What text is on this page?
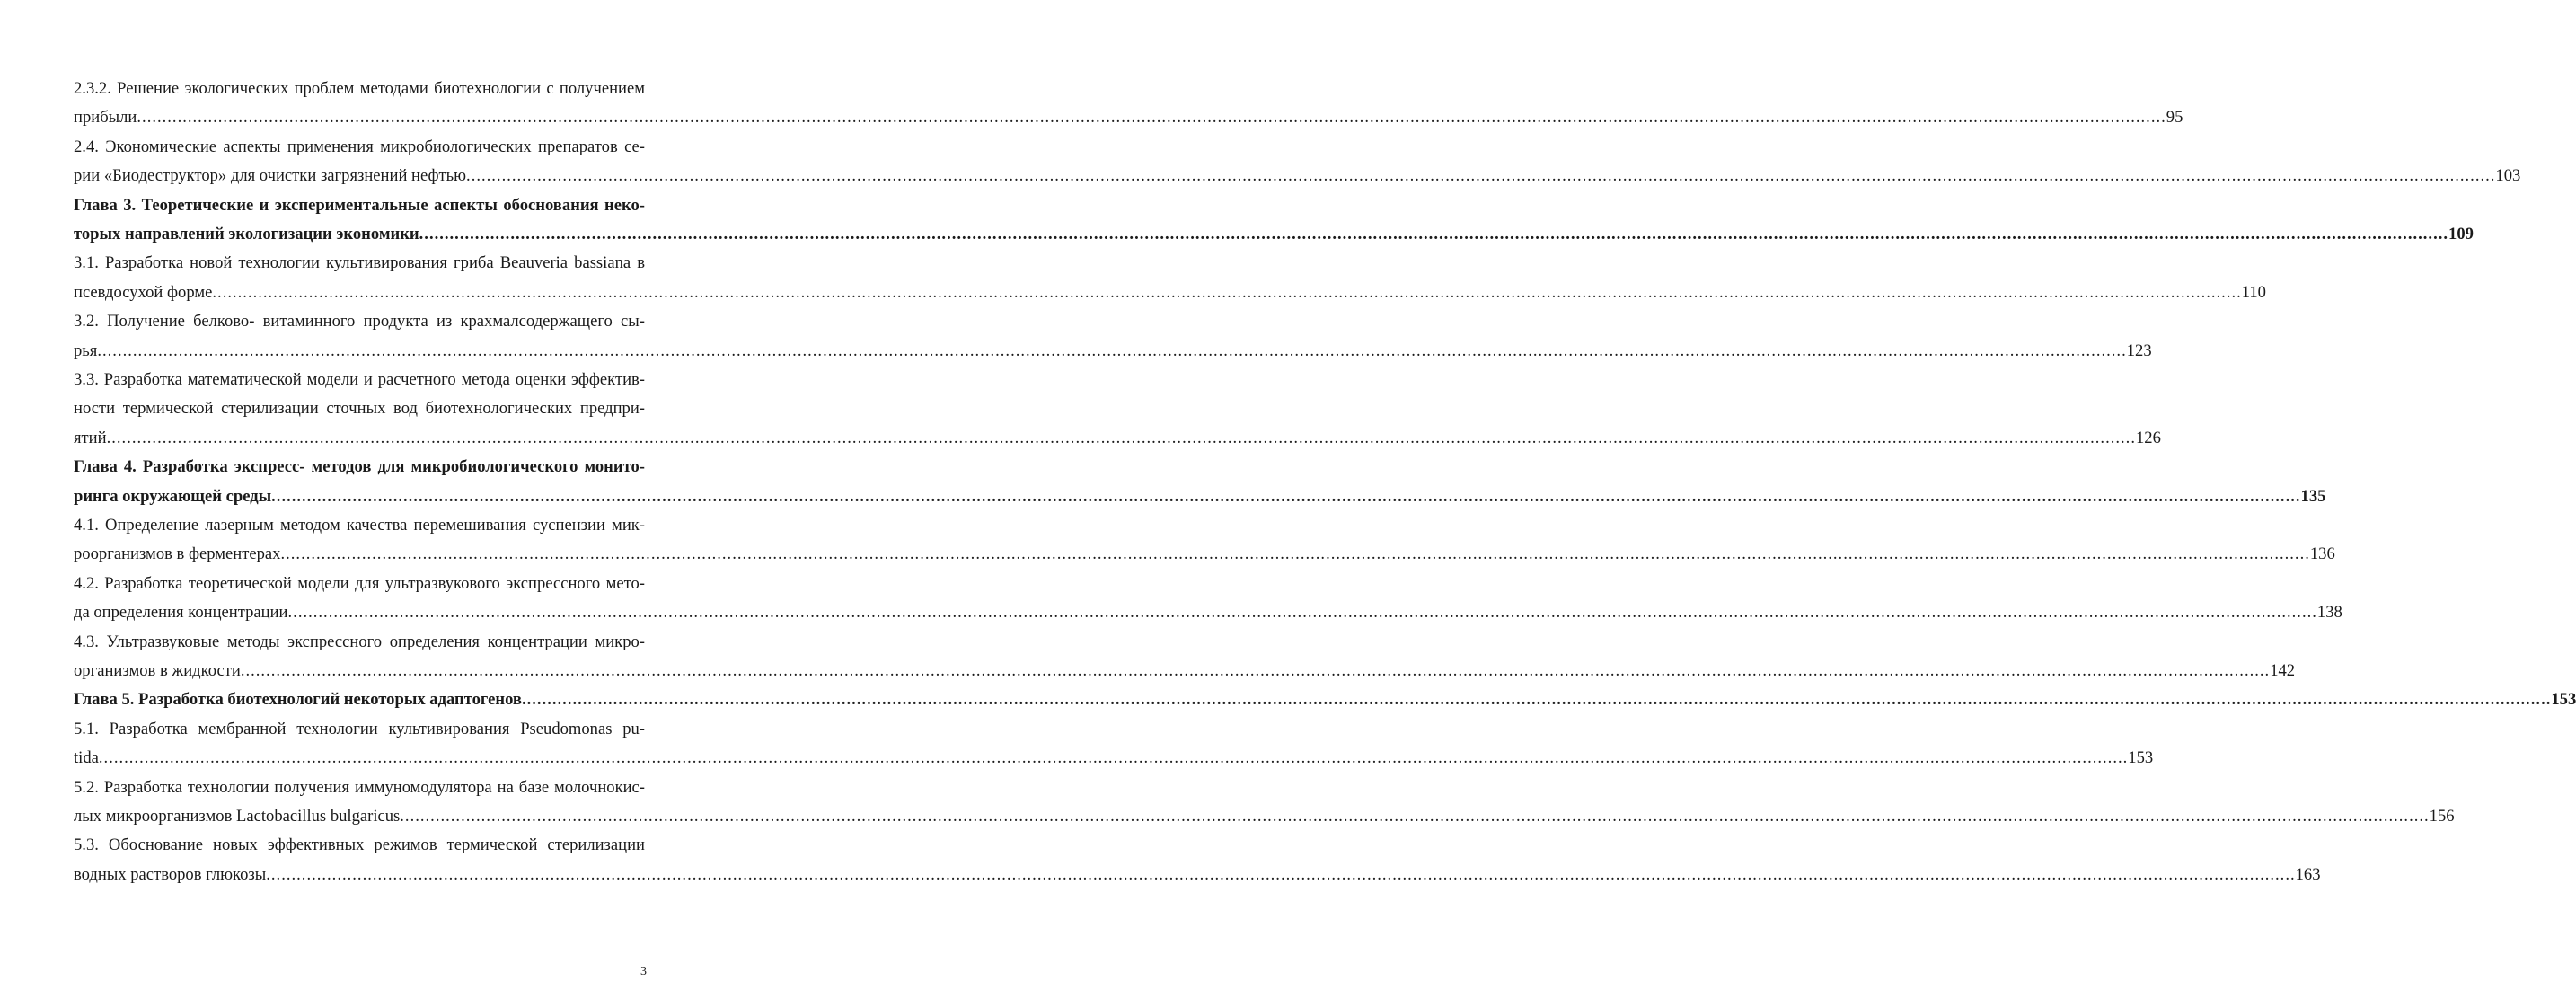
2.3.2. Решение экологических проблем методами биотехнологии с получением
прибыли ................................................................................................................................................................................................................................................................................................................................................................................................................ 95
2.4. Экономические аспекты применения микробиологических препаратов се-
рии «Биодеструктор» для очистки загрязнений нефтью ................................................................................................................................................................................................................................................................................................................................................................................................................ 103
Глава 3. Теоретические и экспериментальные аспекты обоснования неко-
торых направлений экологизации экономики ................................................................................................................................................................................................................................................................................................................................................................................................................ 109
3.1. Разработка новой технологии культивирования гриба Beauveria bassiana в
псевдосухой форме ................................................................................................................................................................................................................................................................................................................................................................................................................ 110
3.2. Получение белково- витаминного продукта из крахмалсодержащего сы-
рья ................................................................................................................................................................................................................................................................................................................................................................................................................ 123
3.3. Разработка математической модели и расчетного метода оценки эффектив-
ности термической стерилизации сточных вод биотехнологических предпри-
ятий ................................................................................................................................................................................................................................................................................................................................................................................................................ 126
Глава 4. Разработка экспресс- методов для микробиологического монито-
ринга окружающей среды ................................................................................................................................................................................................................................................................................................................................................................................................................ 135
4.1. Определение лазерным методом качества перемешивания суспензии мик-
роорганизмов в ферментерах ................................................................................................................................................................................................................................................................................................................................................................................................................ 136
4.2. Разработка теоретической модели для ультразвукового экспрессного мето-
да определения концентрации ................................................................................................................................................................................................................................................................................................................................................................................................................ 138
4.3. Ультразвуковые методы экспрессного определения концентрации микро-
организмов в жидкости ................................................................................................................................................................................................................................................................................................................................................................................................................ 142
Глава 5. Разработка биотехнологий некоторых адаптогенов ................................................................................................................................................................................................................................................................................................................................................................................................................ 153
5.1. Разработка мембранной технологии культивирования Pseudomonas pu-
tida ................................................................................................................................................................................................................................................................................................................................................................................................................ 153
5.2. Разработка технологии получения иммуномодулятора на базе молочнокис-
лых микроорганизмов Lactobacillus bulgaricus ................................................................................................................................................................................................................................................................................................................................................................................................................ 156
5.3. Обоснование новых эффективных режимов термической стерилизации
водных растворов глюкозы ................................................................................................................................................................................................................................................................................................................................................................................................................ 163
3
